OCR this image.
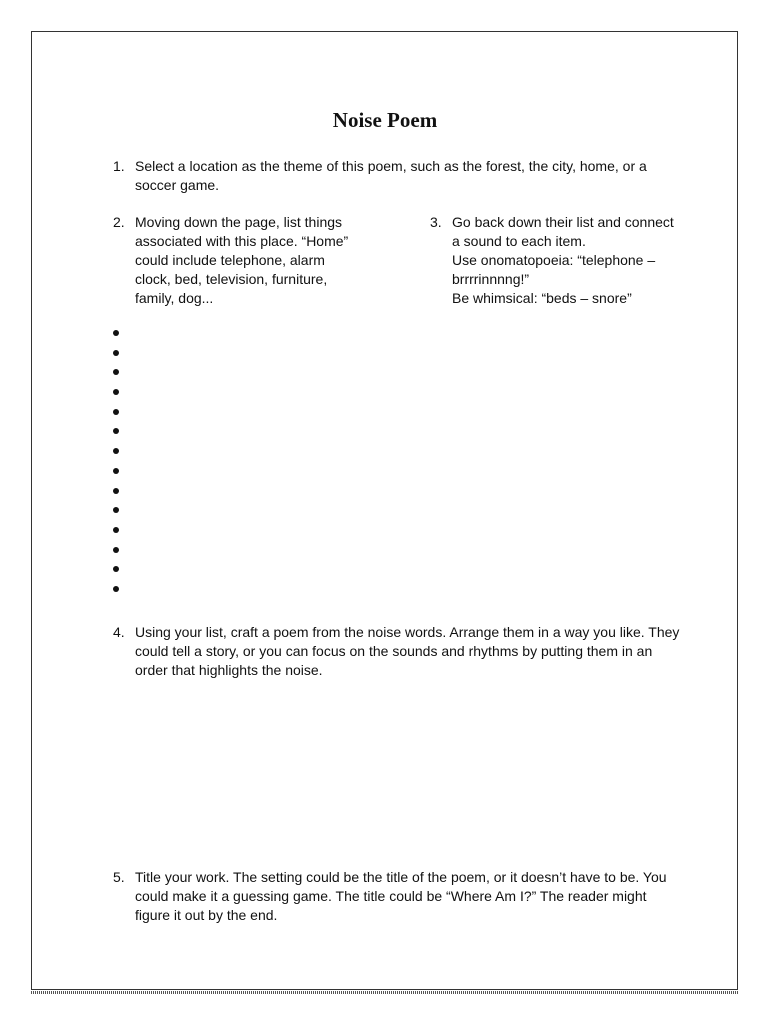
Noise Poem
1. Select a location as the theme of this poem, such as the forest, the city, home, or a
soccer game.
2. Moving down the page, list things
associated with this place. “Home”
could include telephone, alarm
clock, bed, television, furniture,
family, dog...
3. Go back down their list and connect
a sound to each item.
Use onomatopoeia: “telephone –
brrrrinnnng!”
Be whimsical: “beds – snore”
4. Using your list, craft a poem from the noise words. Arrange them in a way you like. They
could tell a story, or you can focus on the sounds and rhythms by putting them in an
order that highlights the noise.
5. Title your work. The setting could be the title of the poem, or it doesn’t have to be. You
could make it a guessing game. The title could be “Where Am I?” The reader might
figure it out by the end.
